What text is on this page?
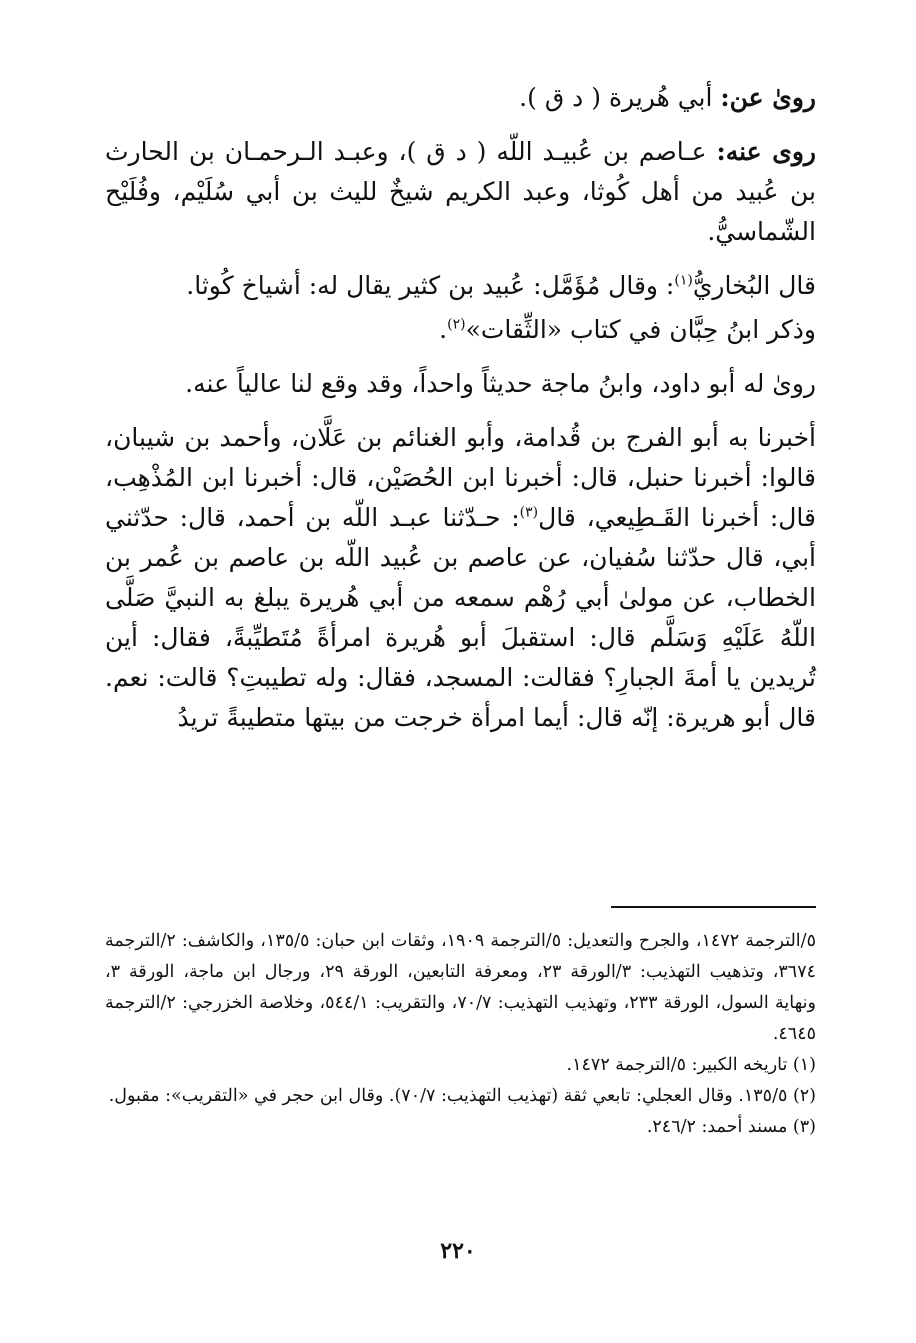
روىٰ عن: أبي هُريرة ( د ق ).

روى عنه: عـاصم بن عُبيـد اللّه ( د ق )، وعبـد الـرحمـان بن الحارث بن عُبيد من أهل كُوثا، وعبد الكريم شيخٌ لليث بن أبي سُلَيْم، وفُلَيْح الشّماسيُّ.

قال البُخاريُّ$^{(١)}$: وقال مُؤَمَّل: عُبيد بن كثير يقال له: أشياخ كُوثا.

وذكر ابنُ حِبَّان في كتاب «الثِّقات»$^{(٢)}$.

روىٰ له أبو داود، وابنُ ماجة حديثاً واحداً، وقد وقع لنا عالياً عنه.

أخبرنا به أبو الفرج بن قُدامة، وأبو الغنائم بن عَلَّان، وأحمد بن شيبان، قالوا: أخبرنا حنبل، قال: أخبرنا ابن الحُصَيْن، قال: أخبرنا ابن المُذْهِب، قال: أخبرنا القَـطِيعي، قال$^{(٣)}$: حـدّثنا عبـد اللّه بن أحمد، قال: حدّثني أبي، قال حدّثنا سُفيان، عن عاصم بن عُبيد اللّه بن عاصم بن عُمر بن الخطاب، عن مولىٰ أبي رُهْم سمعه من أبي هُريرة يبلغ به النبيَّ صَلَّى اللّهُ عَلَيْهِ وَسَلَّم قال: استقبلَ أبو هُريرة امرأةً مُتَطيِّبةً، فقال: أين تُريدين يا أمةَ الجبارِ؟ فقالت: المسجد، فقال: وله تطيبتِ؟ قالت: نعم. قال أبو هريرة: إنّه قال: أيما امرأة خرجت من بيتها متطيبةً تريدُ

٥/الترجمة ١٤٧٢، والجرح والتعديل: ٥/الترجمة ١٩٠٩، وثقات ابن حبان: ١٣٥/٥، والكاشف: ٢/الترجمة ٣٦٧٤، وتذهيب التهذيب: ٣/الورقة ٢٣، ومعرفة التابعين، الورقة ٢٩، ورجال ابن ماجة، الورقة ٣، ونهاية السول، الورقة ٢٣٣، وتهذيب التهذيب: ٧٠/٧، والتقريب: ٥٤٤/١، وخلاصة الخزرجي: ٢/الترجمة ٤٦٤٥.

(١) تاريخه الكبير: ٥/الترجمة ١٤٧٢.

(٢) ١٣٥/٥. وقال العجلي: تابعي ثقة (تهذيب التهذيب: ٧٠/٧). وقال ابن حجر في «التقريب»: مقبول.

(٣) مسند أحمد: ٢٤٦/٢.

٢٢٠
